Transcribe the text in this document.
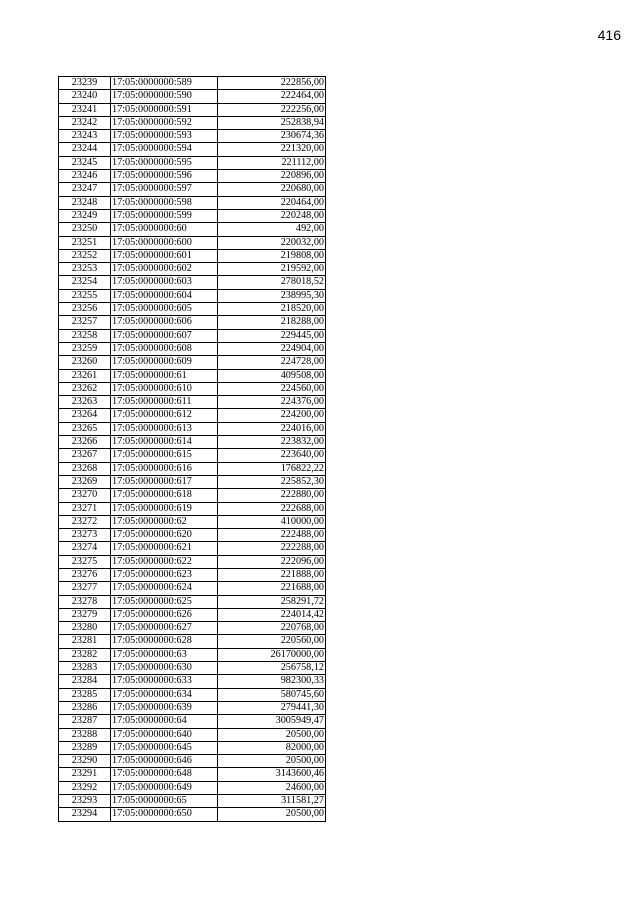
416
23239	17:05:0000000:589	222856,00
23240	17:05:0000000:590	222464,00
23241	17:05:0000000:591	222256,00
23242	17:05:0000000:592	252838,94
23243	17:05:0000000:593	230674,36
23244	17:05:0000000:594	221320,00
23245	17:05:0000000:595	221112,00
23246	17:05:0000000:596	220896,00
23247	17:05:0000000:597	220680,00
23248	17:05:0000000:598	220464,00
23249	17:05:0000000:599	220248,00
23250	17:05:0000000:60	492,00
23251	17:05:0000000:600	220032,00
23252	17:05:0000000:601	219808,00
23253	17:05:0000000:602	219592,00
23254	17:05:0000000:603	278018,52
23255	17:05:0000000:604	238995,30
23256	17:05:0000000:605	218520,00
23257	17:05:0000000:606	218288,00
23258	17:05:0000000:607	229445,00
23259	17:05:0000000:608	224904,00
23260	17:05:0000000:609	224728,00
23261	17:05:0000000:61	409508,00
23262	17:05:0000000:610	224560,00
23263	17:05:0000000:611	224376,00
23264	17:05:0000000:612	224200,00
23265	17:05:0000000:613	224016,00
23266	17:05:0000000:614	223832,00
23267	17:05:0000000:615	223640,00
23268	17:05:0000000:616	176822,22
23269	17:05:0000000:617	225852,30
23270	17:05:0000000:618	222880,00
23271	17:05:0000000:619	222688,00
23272	17:05:0000000:62	410000,00
23273	17:05:0000000:620	222488,00
23274	17:05:0000000:621	222288,00
23275	17:05:0000000:622	222096,00
23276	17:05:0000000:623	221888,00
23277	17:05:0000000:624	221688,00
23278	17:05:0000000:625	258291,72
23279	17:05:0000000:626	224014,42
23280	17:05:0000000:627	220768,00
23281	17:05:0000000:628	220560,00
23282	17:05:0000000:63	26170000,00
23283	17:05:0000000:630	256758,12
23284	17:05:0000000:633	982300,33
23285	17:05:0000000:634	580745,60
23286	17:05:0000000:639	279441,30
23287	17:05:0000000:64	3005949,47
23288	17:05:0000000:640	20500,00
23289	17:05:0000000:645	82000,00
23290	17:05:0000000:646	20500,00
23291	17:05:0000000:648	3143600,46
23292	17:05:0000000:649	24600,00
23293	17:05:0000000:65	311581,27
23294	17:05:0000000:650	20500,00
